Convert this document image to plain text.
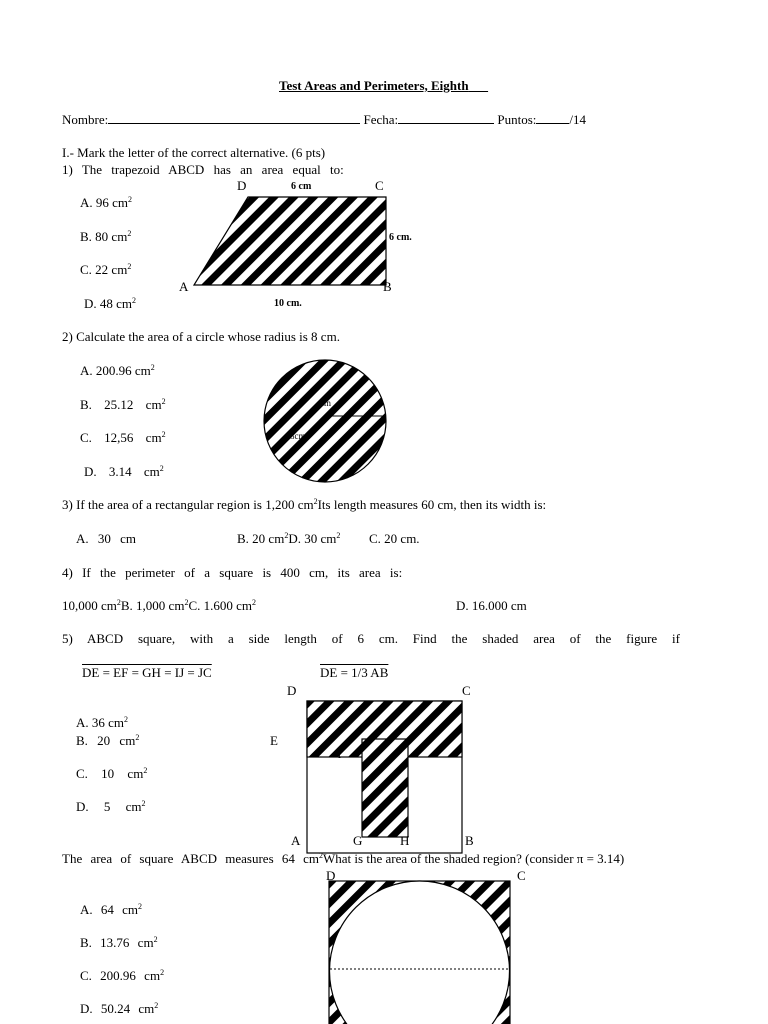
Test Areas and Perimeters, Eighth
Nombre:	Fecha:	Puntos:	/14
I.- Mark the letter of the correct alternative. (6 pts)
1) The trapezoid ABCD has an area equal to:
A. 96 $cm^2$
B. 80 $cm^2$
C. 22 $cm^2$
D. 48 $cm^2$
D	C
A	B
6 cm
6 cm.
10 cm.
2) Calculate the area of a circle whose radius is 8 cm.
A. 200.96 $cm^2$
B. 25.12 $cm^2$
C. 12,56 $cm^2$
D. 3.14 $cm^2$
cm
8cm
3) If the area of a rectangular region is 1,200 $cm^2Its$ length measures 60 cm, then its width is:
A. 30 cm	B. 20 $cm^2D$. 30 $cm^2$ C. 20 cm.
4) If the perimeter of a square is 400 cm, its area is:
10,000 $cm^2B$. 1,000 $cm^2C$. 1.600 $cm^2$	D. 16.000 cm
5) ABCD square, with a side length of 6 cm. Find the shaded area of the figure if
DE = EF = GH = IJ = JC	DE = 1/3 AB
A. 36 $cm^2$
B. 20 $cm^2$
C. 10 $cm^2$
D. 5 $cm^2$
D	C
E
I
J
A	G	H	B
The area of square ABCD measures 64 $cm^2What$ is the area of the shaded region? (consider π = 3.14)
A. 64 $cm^2$
B. 13.76 $cm^2$
C. 200.96 $cm^2$
D. 50.24 $cm^2$
D	C
